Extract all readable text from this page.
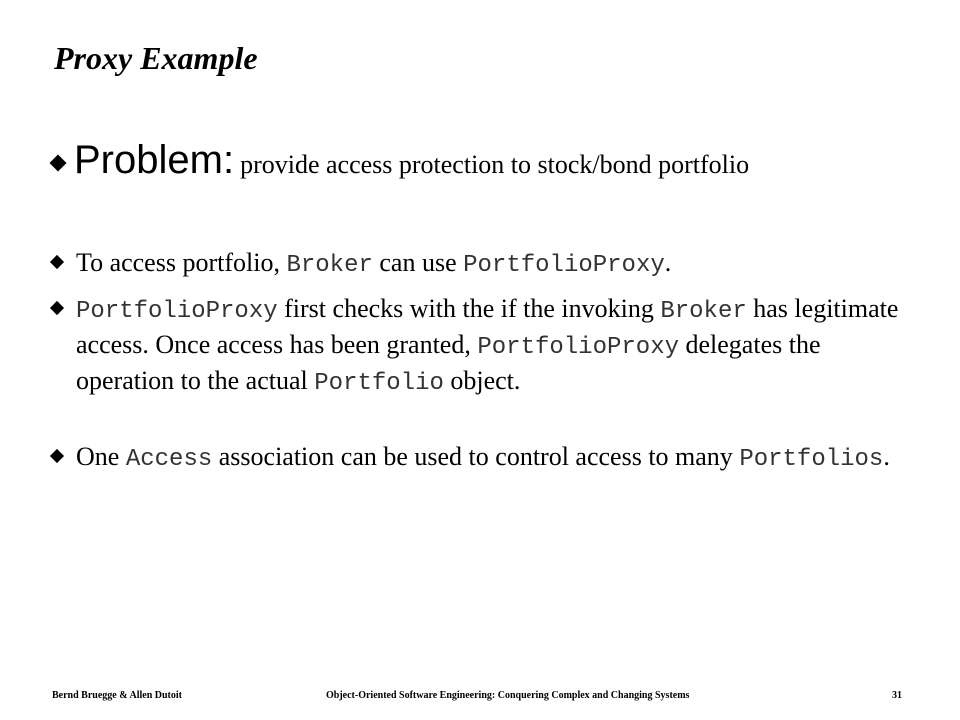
Proxy Example
Problem: provide access protection to stock/bond portfolio
To access portfolio, Broker can use PortfolioProxy.
PortfolioProxy first checks with the if the invoking Broker has legitimate access. Once access has been granted, PortfolioProxy delegates the operation to the actual Portfolio object.
One Access association can be used to control access to many Portfolios.
Bernd Bruegge & Allen Dutoit	Object-Oriented Software Engineering: Conquering Complex and Changing Systems	31
